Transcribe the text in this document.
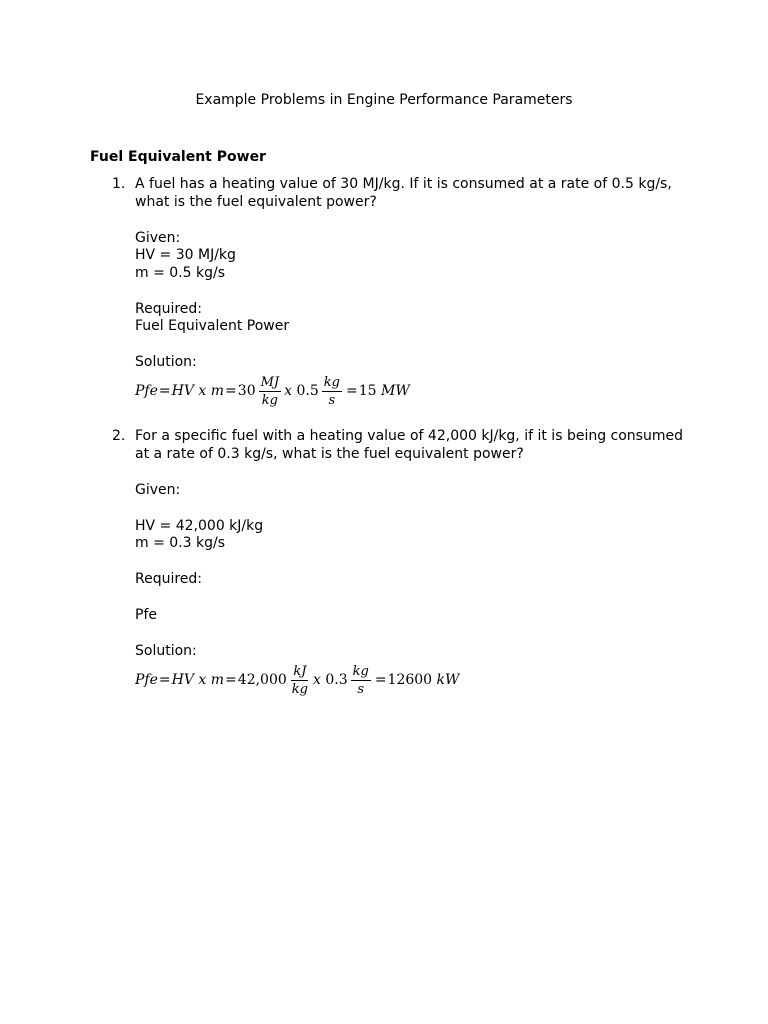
Example Problems in Engine Performance Parameters
Fuel Equivalent Power
1. A fuel has a heating value of 30 MJ/kg. If it is consumed at a rate of 0.5 kg/s,
what is the fuel equivalent power?
Given:
HV = 30 MJ/kg
m = 0.5 kg/s
Required:
Fuel Equivalent Power
Solution:
Pfe = HV
x
$m = 30 \frac{MJ}{kg}$ x
$0.5 \frac{kg}{s} = 15$
MW
2. For a specific fuel with a heating value of 42,000 kJ/kg, if it is being consumed
at a rate of 0.3 kg/s, what is the fuel equivalent power?
Given:
HV = 42,000 kJ/kg
m = 0.3 kg/s
Required:
Pfe
Solution:
Pfe = HV
x
$m = 42,000 \frac{kJ}{kg}$ x
$0.3 \frac{kg}{s} = 12600$
kW
